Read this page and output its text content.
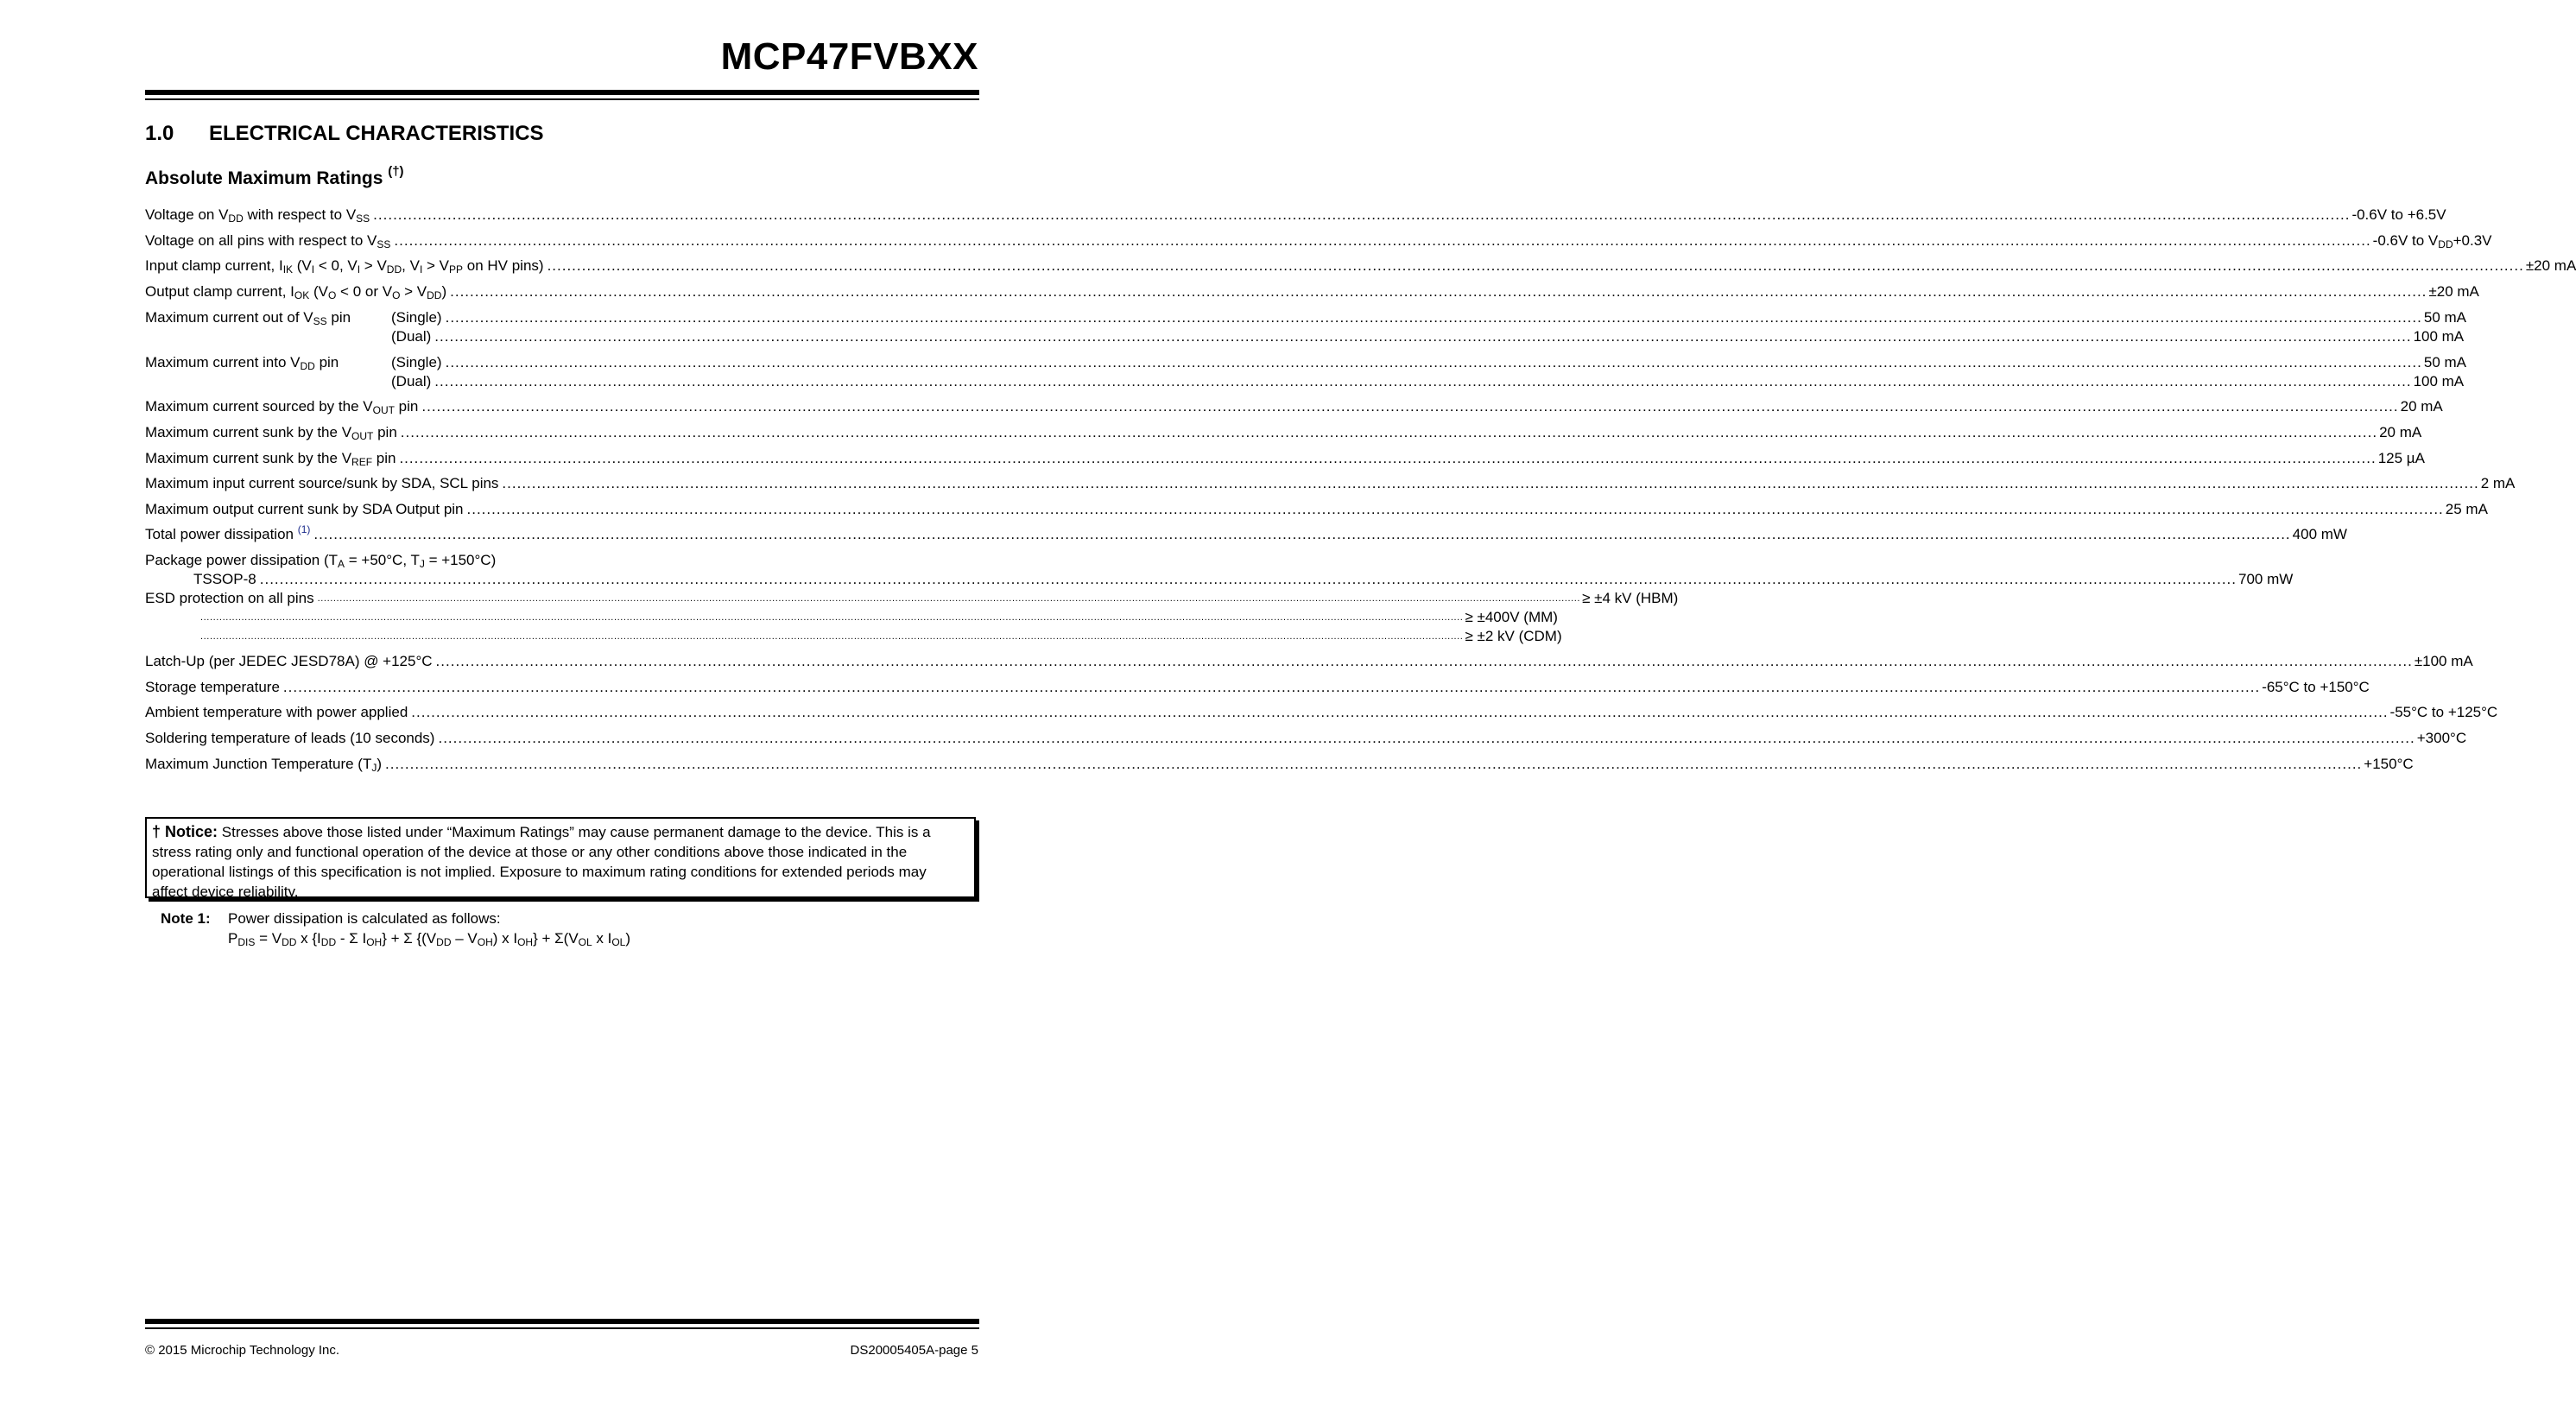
MCP47FVBXX
1.0 ELECTRICAL CHARACTERISTICS
Absolute Maximum Ratings (†)
Voltage on $V_{DD}$ with respect to $V_{SS}$ ................................................................................................................................................................................................................................................................................................................................................................................................................ -0.6V to +6.5V
Voltage on all pins with respect to $V_{SS}$ ................................................................................................................................................................................................................................................................................................................................................................................................................ -0.6V to $V_{DD}+0.3V$
Input clamp current, $I_{IK}$ ($V_I < 0$, $V_I > V_{DD}$, $V_I > V_{PP}$ on HV pins) ................................................................................................................................................................................................................................................................................................................................................................................................................ ±20 mA
Output clamp current, $I_{OK}$ ($V_O < 0$ or $V_O > V_{DD}$) ................................................................................................................................................................................................................................................................................................................................................................................................................ ±20 mA
Maximum current out of $V_{SS}$ pin	(Single) ................................................................................................................................................................................................................................................................................................................................................................................................................ 50 mA
(Dual) ................................................................................................................................................................................................................................................................................................................................................................................................................ 100 mA
Maximum current into $V_{DD}$ pin	(Single) ................................................................................................................................................................................................................................................................................................................................................................................................................ 50 mA
(Dual) ................................................................................................................................................................................................................................................................................................................................................................................................................ 100 mA
Maximum current sourced by the $V_{OUT}$ pin ................................................................................................................................................................................................................................................................................................................................................................................................................ 20 mA
Maximum current sunk by the $V_{OUT}$ pin ................................................................................................................................................................................................................................................................................................................................................................................................................ 20 mA
Maximum current sunk by the $V_{REF}$ pin ................................................................................................................................................................................................................................................................................................................................................................................................................ 125 µA
Maximum input current source/sunk by SDA, SCL pins ................................................................................................................................................................................................................................................................................................................................................................................................................ 2 mA
Maximum output current sunk by SDA Output pin ................................................................................................................................................................................................................................................................................................................................................................................................................ 25 mA
Total power dissipation $^{(1)}$ ................................................................................................................................................................................................................................................................................................................................................................................................................ 400 mW
Package power dissipation ($T_A = +50^\circ C$, $T_J = +150^\circ C$)
TSSOP-8 ................................................................................................................................................................................................................................................................................................................................................................................................................ 700 mW
ESD protection on all pins ................................................................................................................................................................................................................................................................................................................................................................................................................ ≥ ±4 kV (HBM)
................................................................................................................................................................................................................................................................................................................................................................................................................ ≥ ±400V (MM)
................................................................................................................................................................................................................................................................................................................................................................................................................ ≥ ±2 kV (CDM)
Latch-Up (per JEDEC JESD78A) @ +125°C ................................................................................................................................................................................................................................................................................................................................................................................................................ ±100 mA
Storage temperature ................................................................................................................................................................................................................................................................................................................................................................................................................ -65°C to +150°C
Ambient temperature with power applied ................................................................................................................................................................................................................................................................................................................................................................................................................ -55°C to +125°C
Soldering temperature of leads (10 seconds) ................................................................................................................................................................................................................................................................................................................................................................................................................ +300°C
Maximum Junction Temperature $(T_J)$ ................................................................................................................................................................................................................................................................................................................................................................................................................ +150°C
† Notice: Stresses above those listed under “Maximum Ratings” may cause permanent damage to the device. This is a stress rating only and functional operation of the device at those or any other conditions above those indicated in the operational listings of this specification is not implied. Exposure to maximum rating conditions for extended periods may affect device reliability.
Note 1: Power dissipation is calculated as follows:
$P_{DIS} = V_{DD}$ x {$I_{DD}$ - Σ $I_{OH}\} + \Sigma$ {$(V_{DD} - V_{OH})$ x $I_{OH}\} + \Sigma(V_{OL}$ x $I_{OL}$)
© 2015 Microchip Technology Inc.	DS20005405A-page 5
